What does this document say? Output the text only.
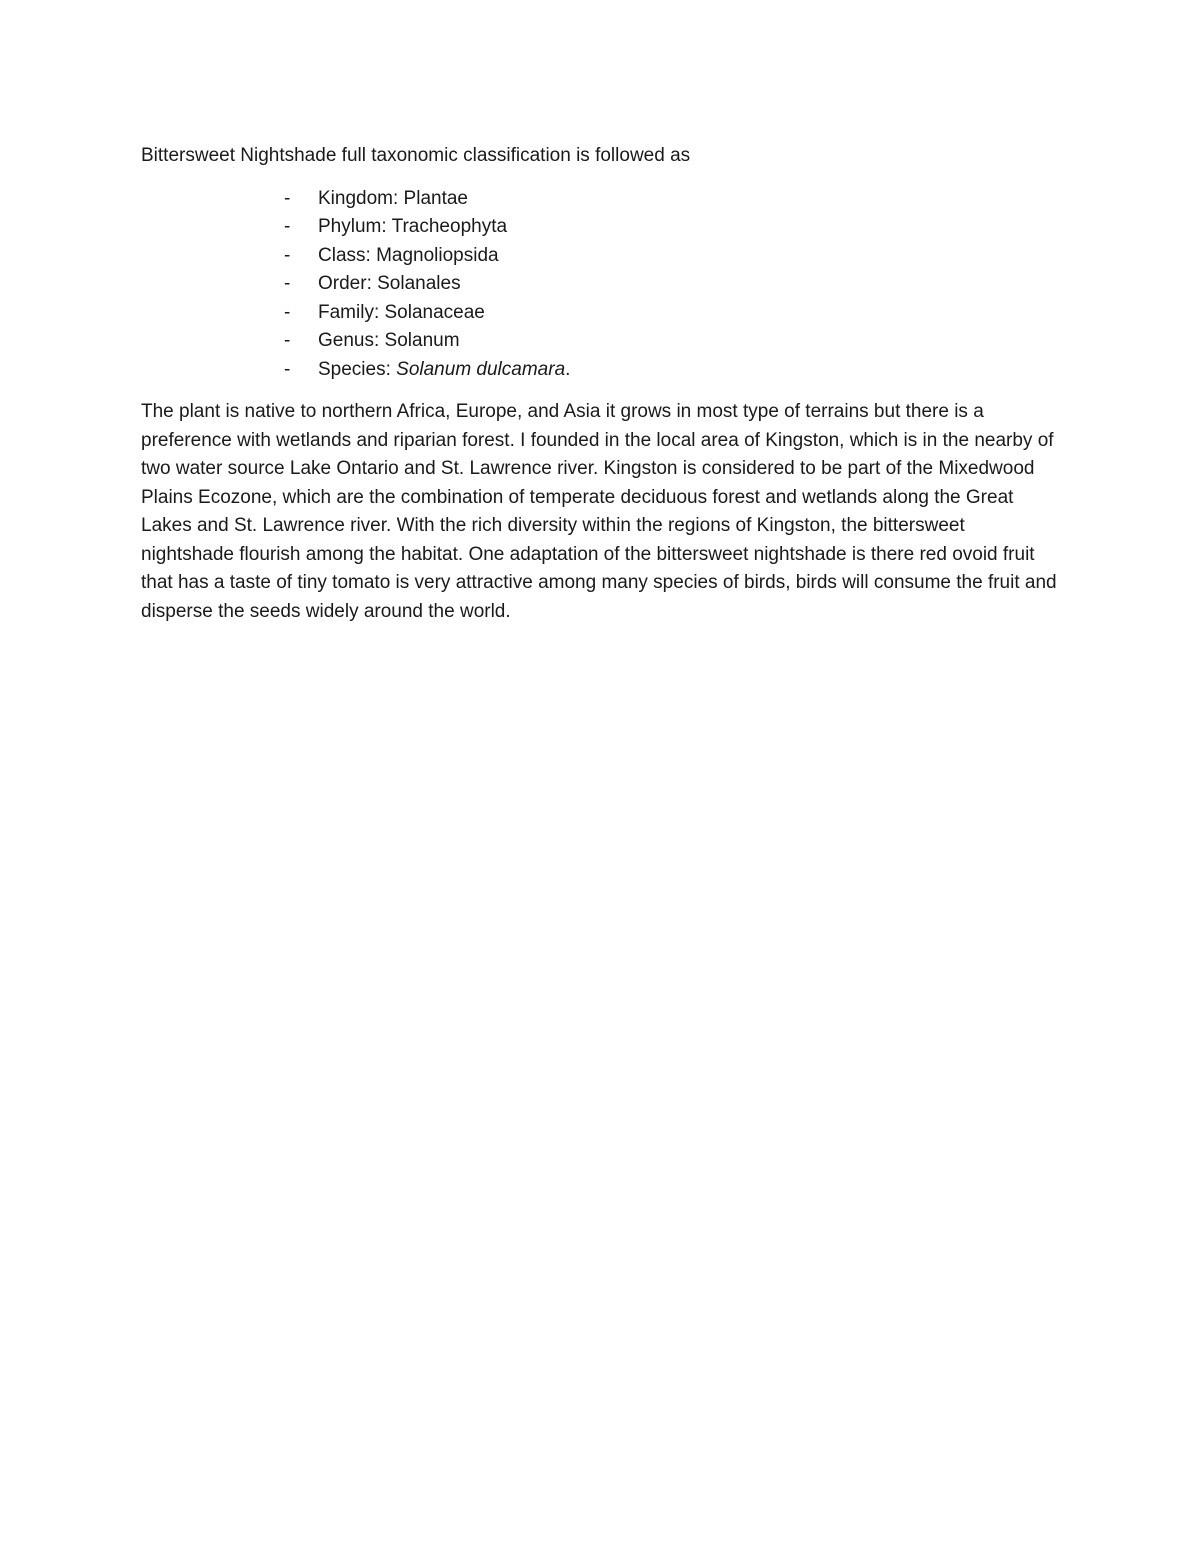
Bittersweet Nightshade full taxonomic classification is followed as

- Kingdom: Plantae
- Phylum: Tracheophyta
- Class: Magnoliopsida
- Order: Solanales
- Family: Solanaceae
- Genus: Solanum
- Species: Solanum dulcamara.

The plant is native to northern Africa, Europe, and Asia it grows in most type of terrains but there is a preference with wetlands and riparian forest. I founded in the local area of Kingston, which is in the nearby of two water source Lake Ontario and St. Lawrence river. Kingston is considered to be part of the Mixedwood Plains Ecozone, which are the combination of temperate deciduous forest and wetlands along the Great Lakes and St. Lawrence river. With the rich diversity within the regions of Kingston, the bittersweet nightshade flourish among the habitat. One adaptation of the bittersweet nightshade is there red ovoid fruit that has a taste of tiny tomato is very attractive among many species of birds, birds will consume the fruit and disperse the seeds widely around the world.
